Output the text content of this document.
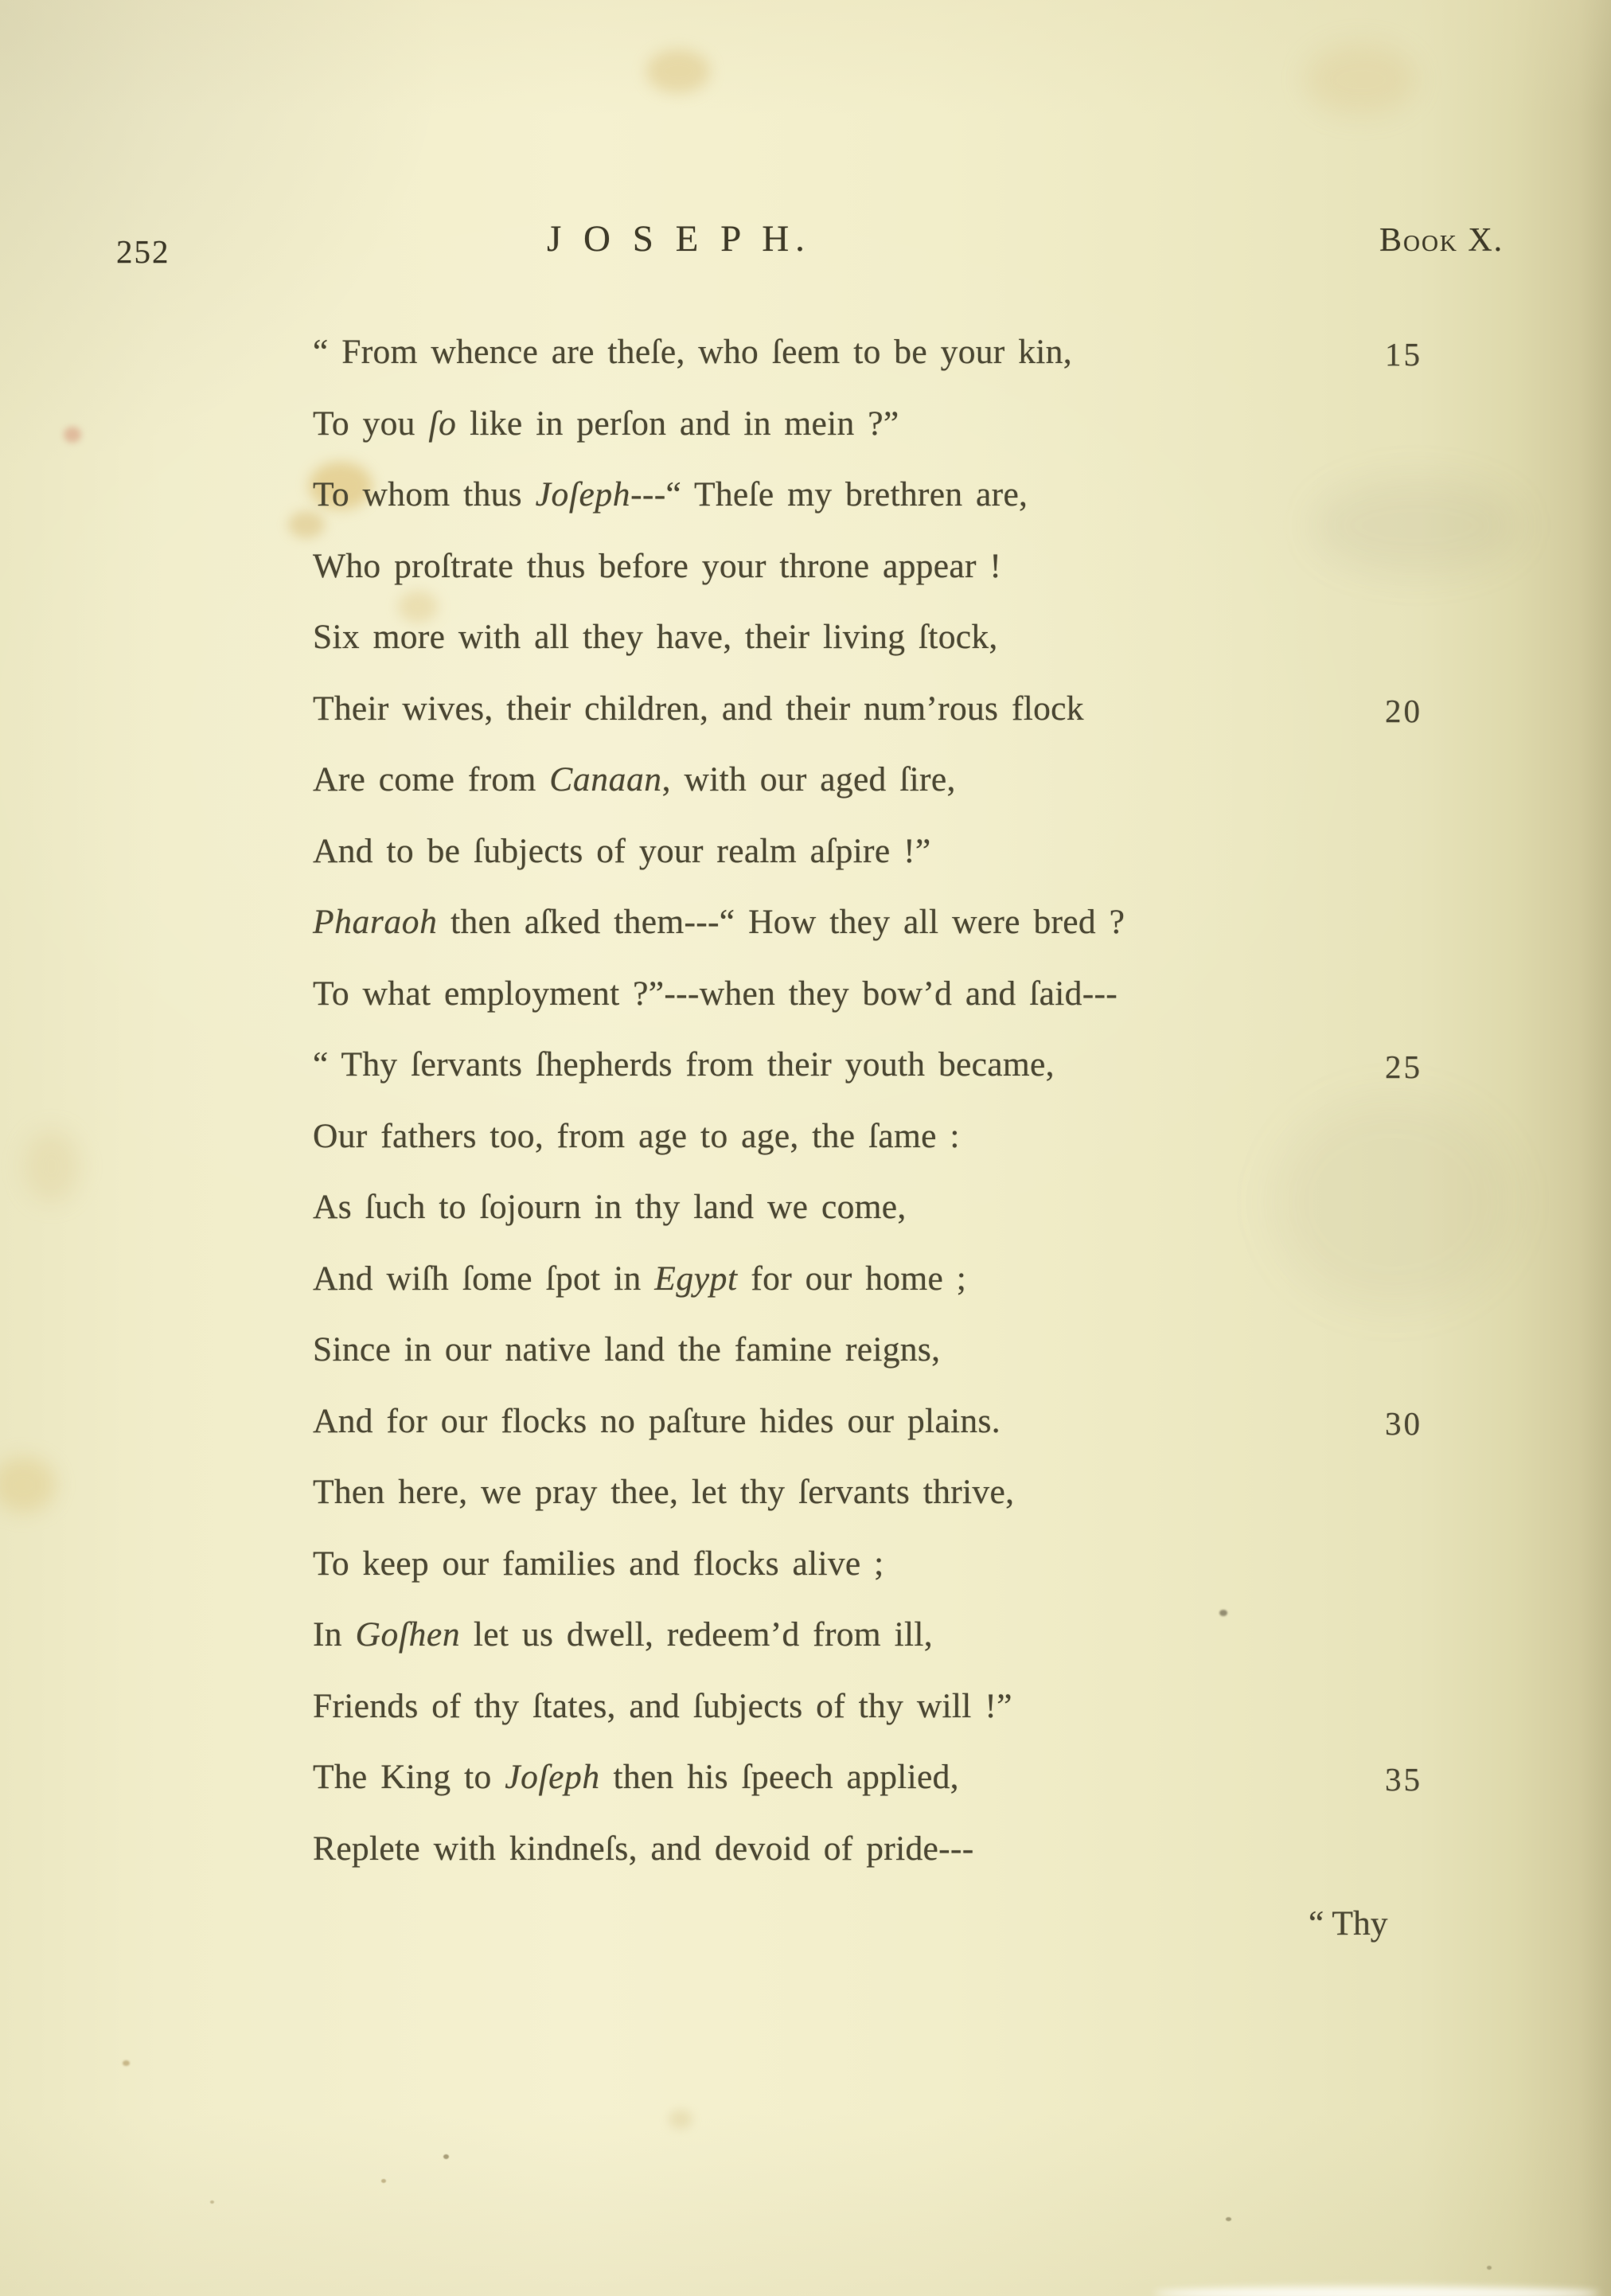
252	J O S E P H.	Book X.
“ From whence are theſe, who ſeem to be your kin,	15
To you ſo like in perſon and in mein ?”
To whom thus Joſeph---“ Theſe my brethren are,
Who proſtrate thus before your throne appear !
Six more with all they have, their living ſtock,
Their wives, their children, and their num’rous flock	20
Are come from Canaan, with our aged ſire,
And to be ſubjects of your realm aſpire !”
Pharaoh then aſked them---“ How they all were bred ?
To what employment ?”---when they bow’d and ſaid---
“ Thy ſervants ſhepherds from their youth became,	25
Our fathers too, from age to age, the ſame :
As ſuch to ſojourn in thy land we come,
And wiſh ſome ſpot in Egypt for our home ;
Since in our native land the famine reigns,
And for our flocks no paſture hides our plains.	30
Then here, we pray thee, let thy ſervants thrive,
To keep our families and flocks alive ;
In Goſhen let us dwell, redeem’d from ill,
Friends of thy ſtates, and ſubjects of thy will !”
The King to Joſeph then his ſpeech applied,	35
Replete with kindneſs, and devoid of pride---
“ Thy
